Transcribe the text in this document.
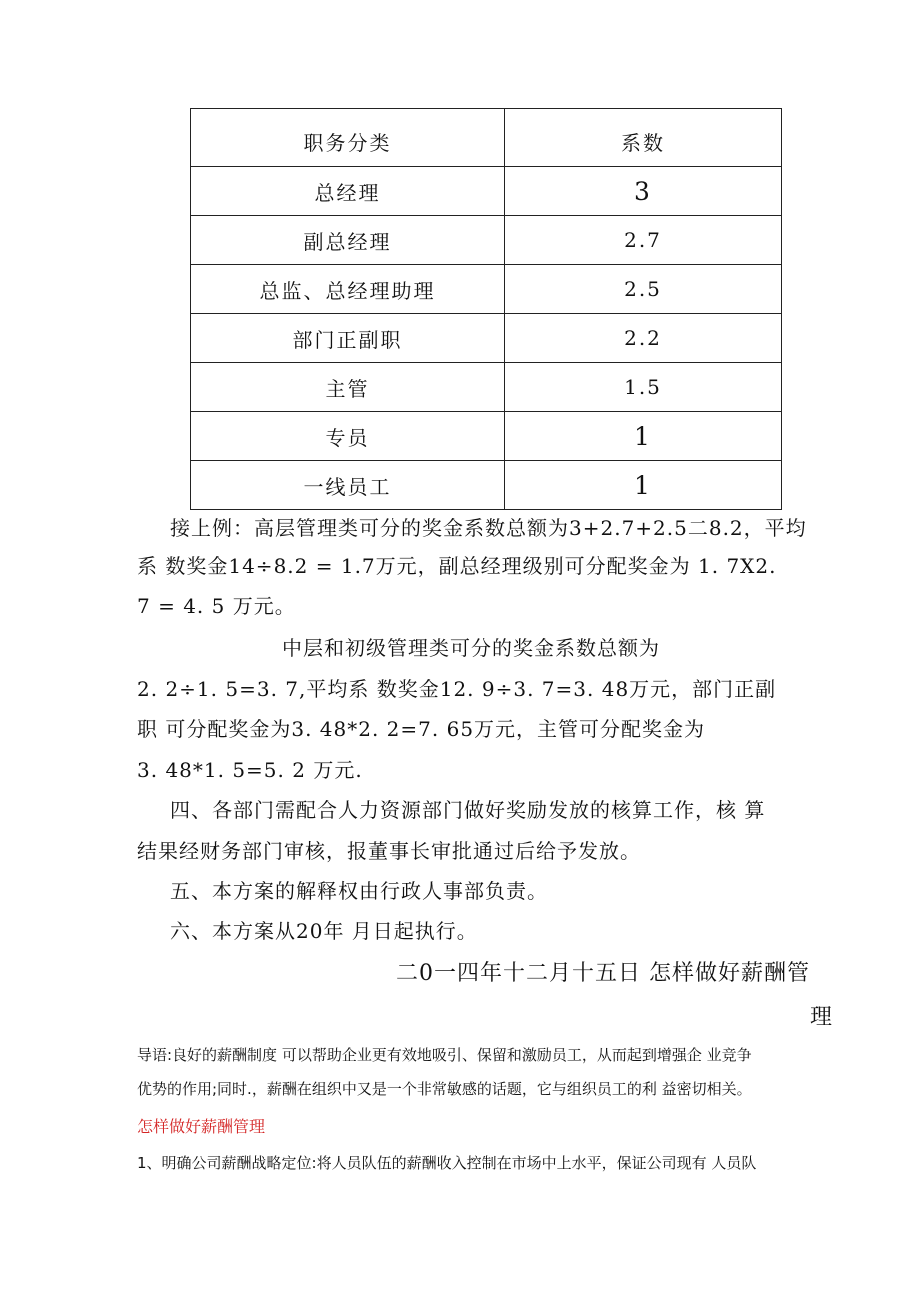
职务分类	系数
总经理	3
副总经理	2.7
总监、总经理助理	2.5
部门正副职	2.2
主管	1.5
专员	1
一线员工	1

接上例：高层管理类可分的奖金系数总额为3+2.7+2.5二8.2，平均

系 数奖金14÷8.2 = 1.7万元，副总经理级别可分配奖金为 1. 7X2.

7 = 4. 5 万元。

中层和初级管理类可分的奖金系数总额为

2. 2÷1. 5=3. 7,平均系 数奖金12. 9÷3. 7=3. 48万元，部门正副

职 可分配奖金为3. 48*2. 2=7. 65万元，主管可分配奖金为

3. 48*1. 5=5. 2 万元.

四、各部门需配合人力资源部门做好奖励发放的核算工作，核 算

结果经财务部门审核，报董事长审批通过后给予发放。

五、本方案的解释权由行政人事部负责。

六、本方案从20年 月日起执行。

二0一四年十二月十五日 怎样做好薪酬管
理

导语:良好的薪酬制度 可以帮助企业更有效地吸引、保留和激励员工，从而起到增强企 业竞争

优势的作用;同时.，薪酬在组织中又是一个非常敏感的话题，它与组织员工的利 益密切相关。

怎样做好薪酬管理

1、明确公司薪酬战略定位:将人员队伍的薪酬收入控制在市场中上水平，保证公司现有 人员队
